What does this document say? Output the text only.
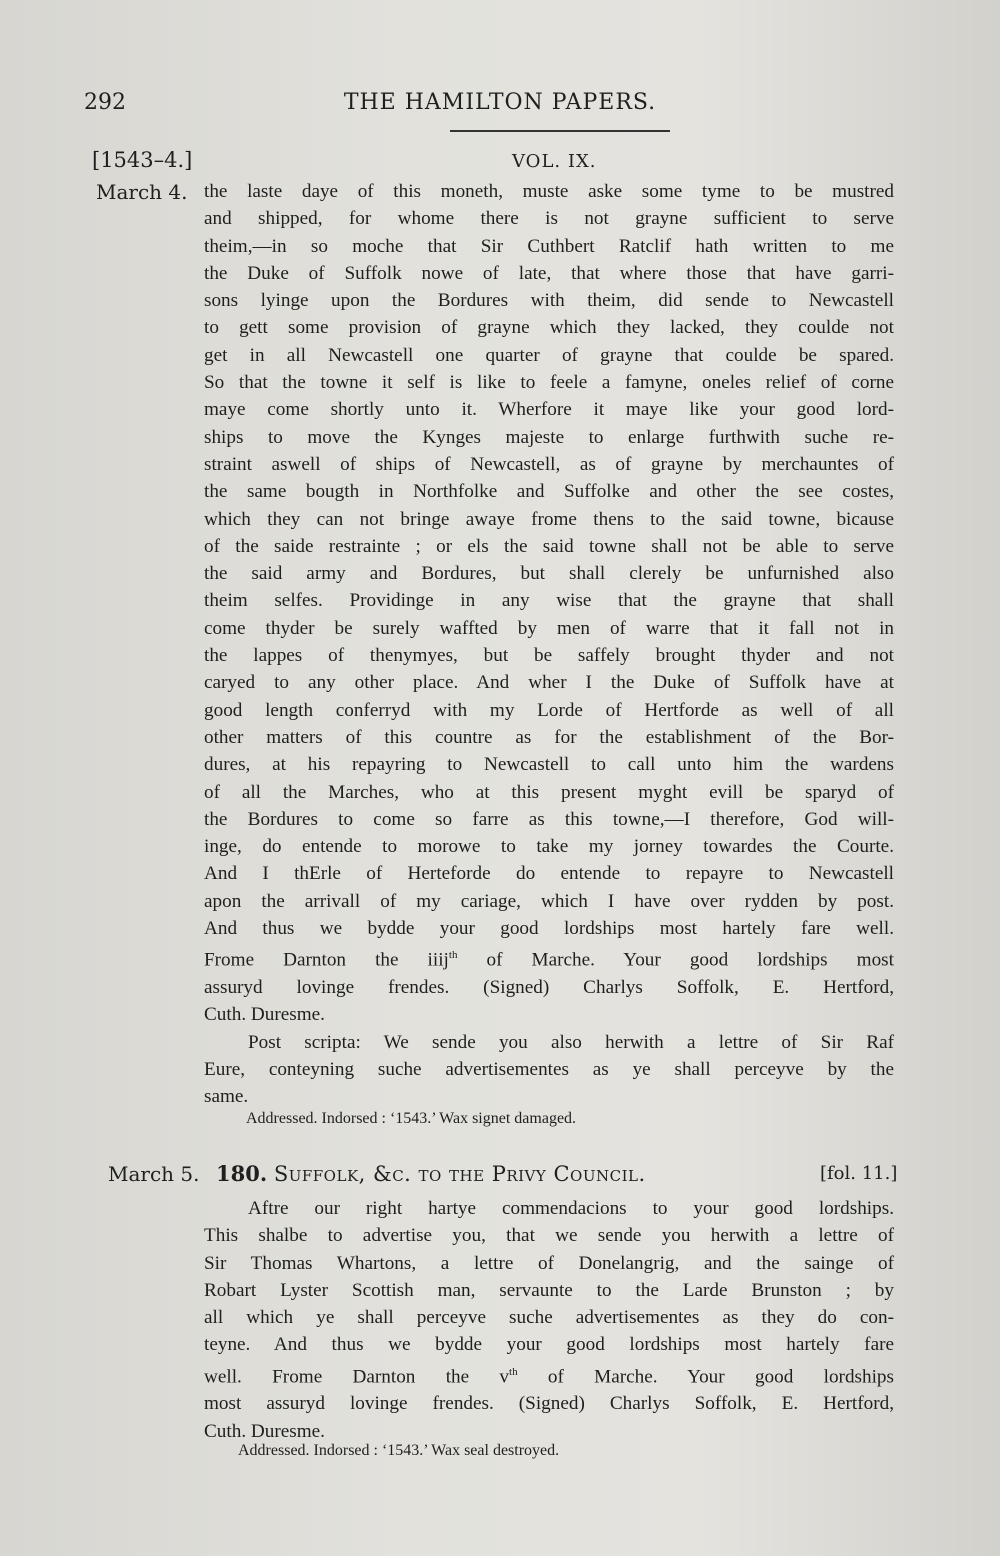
292	THE HAMILTON PAPERS.
[1543–4.]	VOL. IX.
March 4. the laste daye of this moneth, muste aske some tyme to be mustred
and shipped, for whome there is not grayne sufficient to serve
theim,—in so moche that Sir Cuthbert Ratclif hath written to me
the Duke of Suffolk nowe of late, that where those that have garri-
sons lyinge upon the Bordures with theim, did sende to Newcastell
to gett some provision of grayne which they lacked, they coulde not
get in all Newcastell one quarter of grayne that coulde be spared.
So that the towne it self is like to feele a famyne, oneles relief of corne
maye come shortly unto it. Wherfore it maye like your good lord-
ships to move the Kynges majeste to enlarge furthwith suche re-
straint aswell of ships of Newcastell, as of grayne by merchauntes of
the same bougth in Northfolke and Suffolke and other the see costes,
which they can not bringe awaye frome thens to the said towne, bicause
of the saide restrainte ; or els the said towne shall not be able to serve
the said army and Bordures, but shall clerely be unfurnished also
theim selfes. Providinge in any wise that the grayne that shall
come thyder be surely waffted by men of warre that it fall not in
the lappes of thenymyes, but be saffely brought thyder and not
caryed to any other place. And wher I the Duke of Suffolk have at
good length conferryd with my Lorde of Hertforde as well of all
other matters of this countre as for the establishment of the Bor-
dures, at his repayring to Newcastell to call unto him the wardens
of all the Marches, who at this present myght evill be sparyd of
the Bordures to come so farre as this towne,—I therefore, God will-
inge, do entende to morowe to take my jorney towardes the Courte.
And I thErle of Herteforde do entende to repayre to Newcastell
apon the arrivall of my cariage, which I have over rydden by post.
And thus we bydde your good lordships most hartely fare well.
Frome Darnton the iiij$^{th}$ of Marche. Your good lordships most
assuryd lovinge frendes. (Signed) Charlys Soffolk, E. Hertford,
Cuth. Duresme.
Post scripta: We sende you also herwith a lettre of Sir Raf
Eure, conteyning suche advertisementes as ye shall perceyve by the
same.
Addressed. Indorsed : ‘1543.’ Wax signet damaged.
March 5. 180. Suffolk, &c. to the Privy Council.	[fol. 11.]
Aftre our right hartye commendacions to your good lordships.
This shalbe to advertise you, that we sende you herwith a lettre of
Sir Thomas Whartons, a lettre of Donelangrig, and the sainge of
Robart Lyster Scottish man, servaunte to the Larde Brunston ; by
all which ye shall perceyve suche advertisementes as they do con-
teyne. And thus we bydde your good lordships most hartely fare
well. Frome Darnton the $v^{th}$ of Marche. Your good lordships
most assuryd lovinge frendes. (Signed) Charlys Soffolk, E. Hertford,
Cuth. Duresme.
Addressed. Indorsed : ‘1543.’ Wax seal destroyed.
